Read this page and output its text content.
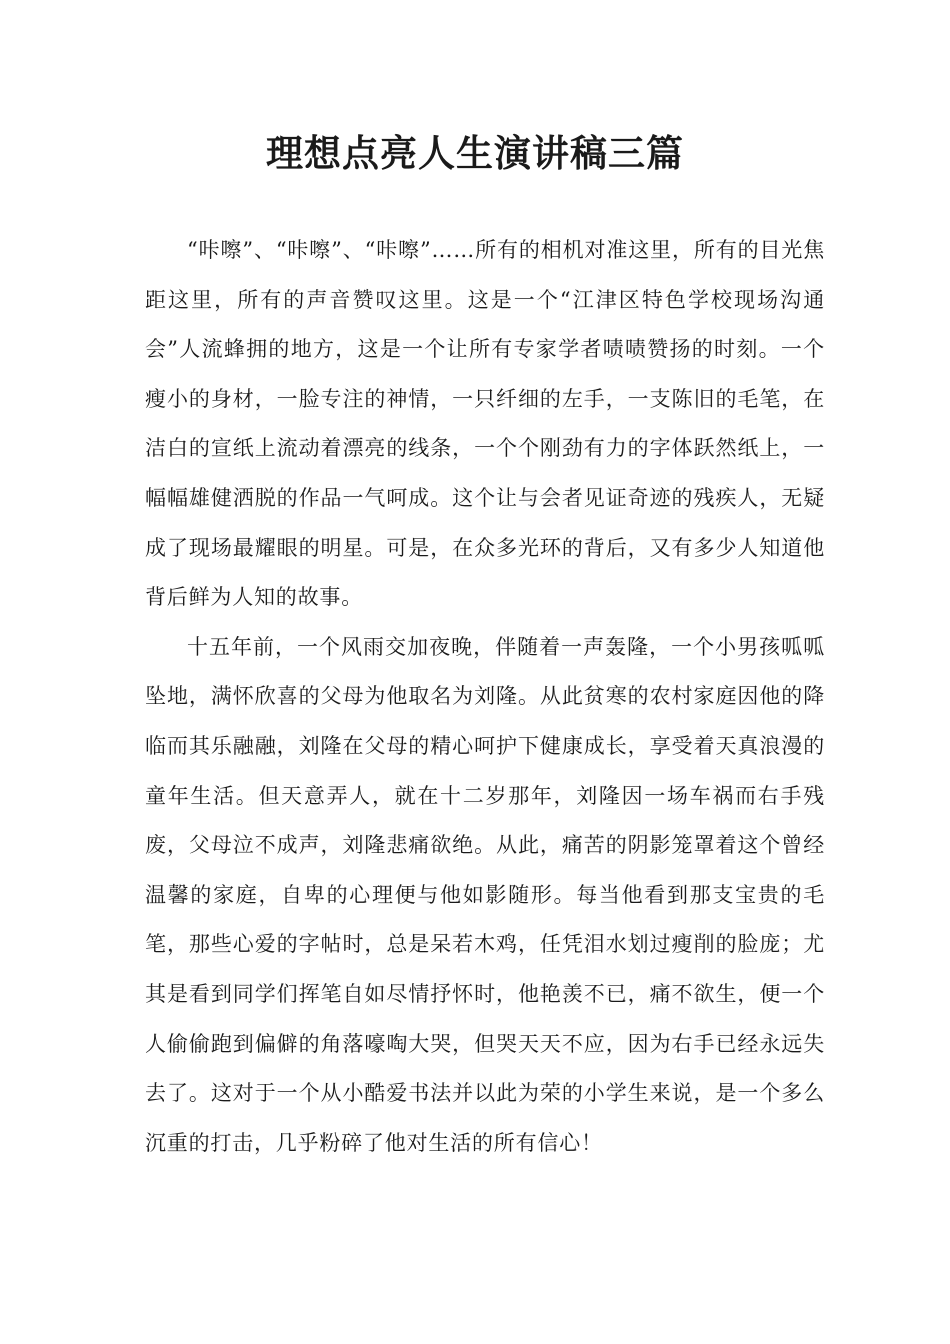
理想点亮人生演讲稿三篇

“咔嚓”、“咔嚓”、“咔嚓”……所有的相机对准这里，所有的目光焦距这里，所有的声音赞叹这里。这是一个“江津区特色学校现场沟通会”人流蜂拥的地方，这是一个让所有专家学者啧啧赞扬的时刻。一个瘦小的身材，一脸专注的神情，一只纤细的左手，一支陈旧的毛笔，在洁白的宣纸上流动着漂亮的线条，一个个刚劲有力的字体跃然纸上，一幅幅雄健洒脱的作品一气呵成。这个让与会者见证奇迹的残疾人，无疑成了现场最耀眼的明星。可是，在众多光环的背后，又有多少人知道他背后鲜为人知的故事。

十五年前，一个风雨交加夜晚，伴随着一声轰隆，一个小男孩呱呱坠地，满怀欣喜的父母为他取名为刘隆。从此贫寒的农村家庭因他的降临而其乐融融，刘隆在父母的精心呵护下健康成长，享受着天真浪漫的童年生活。但天意弄人，就在十二岁那年，刘隆因一场车祸而右手残废，父母泣不成声，刘隆悲痛欲绝。从此，痛苦的阴影笼罩着这个曾经温馨的家庭，自卑的心理便与他如影随形。每当他看到那支宝贵的毛笔，那些心爱的字帖时，总是呆若木鸡，任凭泪水划过瘦削的脸庞；尤其是看到同学们挥笔自如尽情抒怀时，他艳羡不已，痛不欲生，便一个人偷偷跑到偏僻的角落嚎啕大哭，但哭天天不应，因为右手已经永远失去了。这对于一个从小酷爱书法并以此为荣的小学生来说，是一个多么沉重的打击，几乎粉碎了他对生活的所有信心！
